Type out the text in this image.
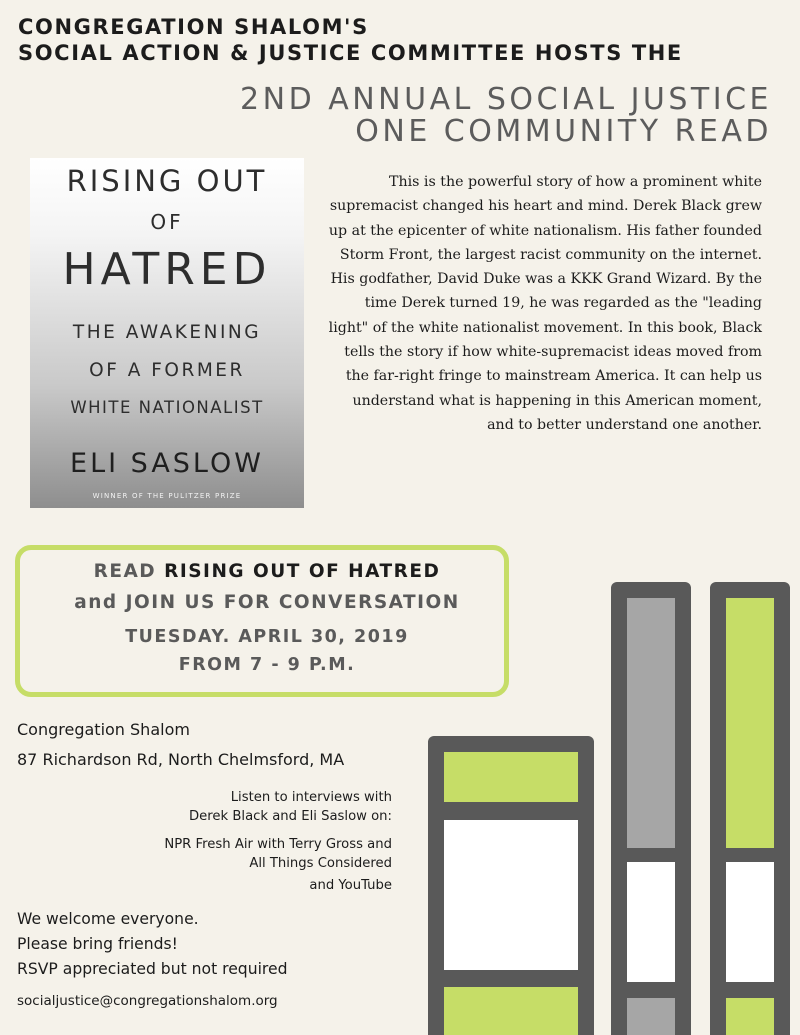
CONGREGATION SHALOM'S
SOCIAL ACTION & JUSTICE COMMITTEE HOSTS THE
2ND ANNUAL SOCIAL JUSTICE
ONE COMMUNITY READ
RISING OUT
OF
HATRED
THE AWAKENING
OF A FORMER
WHITE NATIONALIST
ELI SASLOW
WINNER OF THE PULITZER PRIZE
This is the powerful story of how a prominent white supremacist changed his heart and mind. Derek Black grew up at the epicenter of white nationalism. His father founded Storm Front, the largest racist community on the internet. His godfather, David Duke was a KKK Grand Wizard. By the time Derek turned 19, he was regarded as the "leading light" of the white nationalist movement. In this book, Black tells the story if how white-supremacist ideas moved from the far-right fringe to mainstream America. It can help us understand what is happening in this American moment, and to better understand one another.
READ RISING OUT OF HATRED
and JOIN US FOR CONVERSATION
TUESDAY. APRIL 30, 2019
FROM 7 - 9 P.M.
Congregation Shalom
87 Richardson Rd, North Chelmsford, MA
Listen to interviews with
Derek Black and Eli Saslow on:
NPR Fresh Air with Terry Gross and
All Things Considered
and YouTube
We welcome everyone.
Please bring friends!
RSVP appreciated but not required
socialjustice@congregationshalom.org
